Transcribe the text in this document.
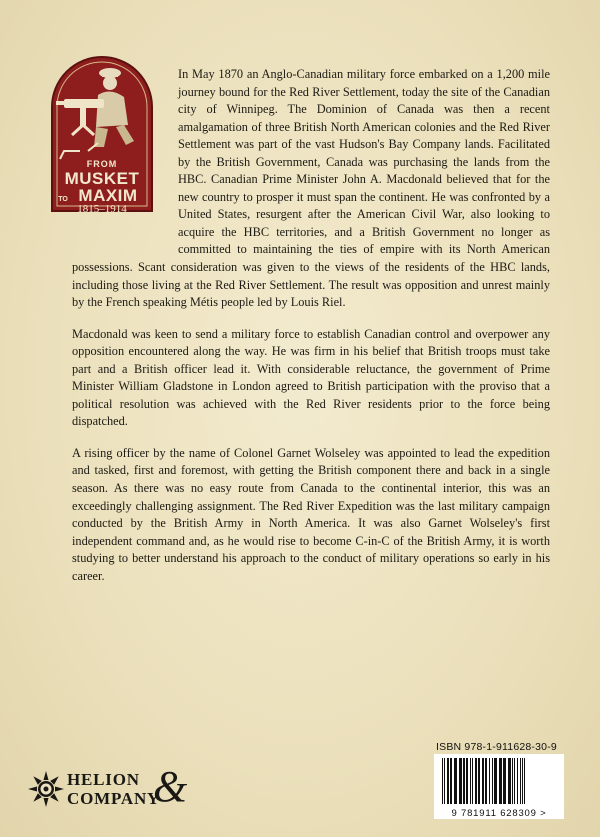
FROM
MUSKET
TO MAXIM
1815–1914

In May 1870 an Anglo-Canadian military force embarked on a 1,200 mile journey bound for the Red River Settlement, today the site of the Canadian city of Winnipeg. The Dominion of Canada was then a recent amalgamation of three British North American colonies and the Red River Settlement was part of the vast Hudson's Bay Company lands. Facilitated by the British Government, Canada was purchasing the lands from the HBC. Canadian Prime Minister John A. Macdonald believed that for the new country to prosper it must span the continent. He was confronted by a United States, resurgent after the American Civil War, also looking to acquire the HBC territories, and a British Government no longer as committed to maintaining the ties of empire with its North American possessions. Scant consideration was given to the views of the residents of the HBC lands, including those living at the Red River Settlement. The result was opposition and unrest mainly by the French speaking Métis people led by Louis Riel.

Macdonald was keen to send a military force to establish Canadian control and overpower any opposition encountered along the way. He was firm in his belief that British troops must take part and a British officer lead it. With considerable reluctance, the government of Prime Minister William Gladstone in London agreed to British participation with the proviso that a political resolution was achieved with the Red River residents prior to the force being dispatched.

A rising officer by the name of Colonel Garnet Wolseley was appointed to lead the expedition and tasked, first and foremost, with getting the British component there and back in a single season. As there was no easy route from Canada to the continental interior, this was an exceedingly challenging assignment. The Red River Expedition was the last military campaign conducted by the British Army in North America. It was also Garnet Wolseley's first independent command and, as he would rise to become C-in-C of the British Army, it is worth studying to better understand his approach to the conduct of military operations so early in his career.

ISBN 978-1-911628-30-9
9 781911 628309 >
HELION
COMPANY
&
